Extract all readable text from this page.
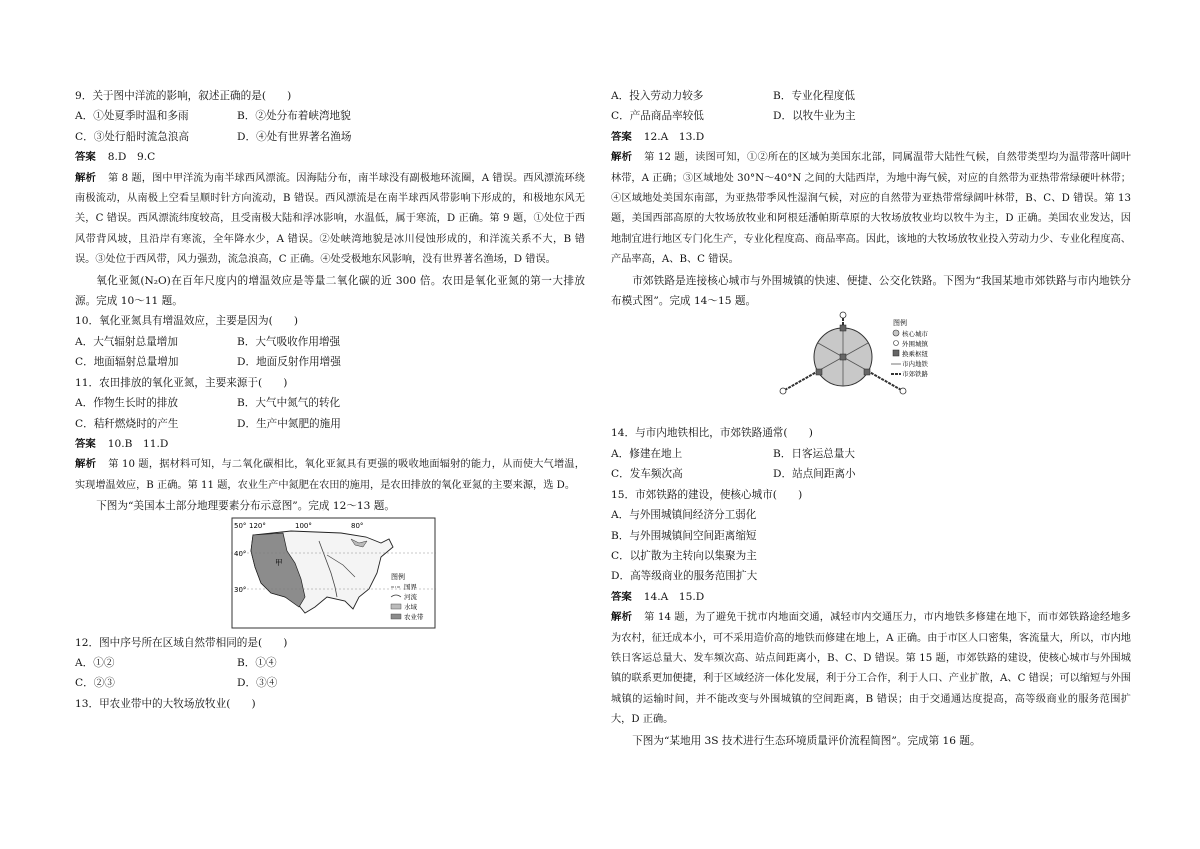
9．关于图中洋流的影响，叙述正确的是(　　)

A．①处夏季时温和多雨	B．②处分布着峡湾地貌
C．③处行船时流急浪高	D．④处有世界著名渔场

答案 8.D　9.C

解析 第 8 题，图中甲洋流为南半球西风漂流。因海陆分布，南半球没有副极地环流圈，A 错误。西风漂流环绕南极流动，从南极上空看呈顺时针方向流动，B 错误。西风漂流是在南半球西风带影响下形成的，和极地东风无关，C 错误。西风漂流纬度较高，且受南极大陆和浮冰影响，水温低，属于寒流，D 正确。第 9 题，①处位于西风带背风坡，且沿岸有寒流，全年降水少，A 错误。②处峡湾地貌是冰川侵蚀形成的，和洋流关系不大，B 错误。③处位于西风带，风力强劲，流急浪高，C 正确。④处受极地东风影响，没有世界著名渔场，D 错误。

氧化亚氮(N₂O)在百年尺度内的增温效应是等量二氧化碳的近 300 倍。农田是氧化亚氮的第一大排放源。完成 10～11 题。

10．氧化亚氮具有增温效应，主要是因为(　　)

A．大气辐射总量增加	B．大气吸收作用增强
C．地面辐射总量增加	D．地面反射作用增强

11．农田排放的氧化亚氮，主要来源于(　　)

A．作物生长时的排放	B．大气中氮气的转化
C．秸秆燃烧时的产生	D．生产中氮肥的施用

答案 10.B　11.D

解析 第 10 题，据材料可知，与二氧化碳相比，氧化亚氮具有更强的吸收地面辐射的能力，从而使大气增温，实现增温效应，B 正确。第 11 题，农业生产中氮肥在农田的施用，是农田排放的氧化亚氮的主要来源，选 D。

下图为“美国本土部分地理要素分布示意图”。完成 12～13 题。

50°
40°
30°
120°	100°	80°
甲
图例
国界
河流
水域
农业带

12．图中序号所在区域自然带相同的是(　　)

A．①②	B．①④
C．②③	D．③④

13．甲农业带中的大牧场放牧业(　　)

A．投入劳动力较多	B．专业化程度低
C．产品商品率较低	D．以牧牛业为主

答案 12.A　13.D

解析 第 12 题，读图可知，①②所在的区域为美国东北部，同属温带大陆性气候，自然带类型均为温带落叶阔叶林带，A 正确；③区域地处 30°N～40°N 之间的大陆西岸，为地中海气候，对应的自然带为亚热带常绿硬叶林带；④区域地处美国东南部，为亚热带季风性湿润气候，对应的自然带为亚热带常绿阔叶林带，B、C、D 错误。第 13 题，美国西部高原的大牧场放牧业和阿根廷潘帕斯草原的大牧场放牧业均以牧牛为主，D 正确。美国农业发达，因地制宜进行地区专门化生产，专业化程度高、商品率高。因此，该地的大牧场放牧业投入劳动力少、专业化程度高、产品率高，A、B、C 错误。

市郊铁路是连接核心城市与外围城镇的快速、便捷、公交化铁路。下图为“我国某地市郊铁路与市内地铁分布模式图”。完成 14～15 题。

图例
核心城市
外围城镇
换乘枢纽
市内地铁
市郊铁路

14．与市内地铁相比，市郊铁路通常(　　)

A．修建在地上	B．日客运总量大
C．发车频次高	D．站点间距离小

15．市郊铁路的建设，使核心城市(　　)

A．与外围城镇间经济分工弱化

B．与外围城镇间空间距离缩短

C．以扩散为主转向以集聚为主

D．高等级商业的服务范围扩大

答案 14.A　15.D

解析 第 14 题，为了避免干扰市内地面交通，减轻市内交通压力，市内地铁多修建在地下，而市郊铁路途经地多为农村，征迁成本小，可不采用造价高的地铁而修建在地上，A 正确。由于市区人口密集，客流量大，所以，市内地铁日客运总量大、发车频次高、站点间距离小，B、C、D 错误。第 15 题，市郊铁路的建设，使核心城市与外围城镇的联系更加便捷，利于区域经济一体化发展，利于分工合作，利于人口、产业扩散，A、C 错误；可以缩短与外围城镇的运输时间，并不能改变与外围城镇的空间距离，B 错误；由于交通通达度提高，高等级商业的服务范围扩大，D 正确。

下图为“某地用 3S 技术进行生态环境质量评价流程简图”。完成第 16 题。
